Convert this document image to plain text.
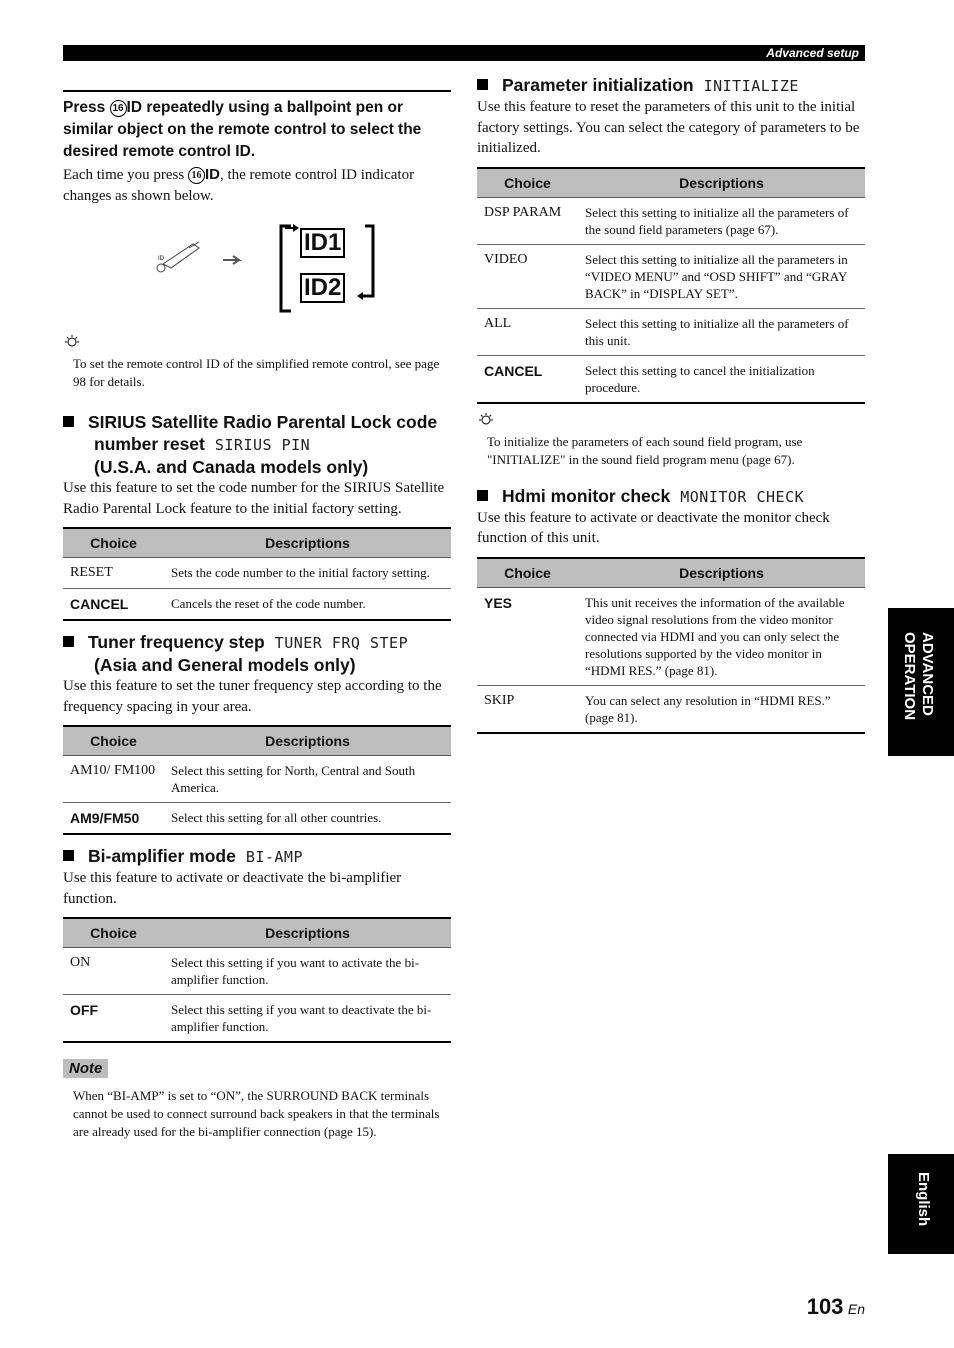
Advanced setup
Press 16 ID repeatedly using a ballpoint pen or similar object on the remote control to select the desired remote control ID.
Each time you press 16 ID, the remote control ID indicator changes as shown below.
ID
ID1
ID2
To set the remote control ID of the simplified remote control, see page 98 for details.
SIRIUS Satellite Radio Parental Lock code number reset SIRIUS PIN
(U.S.A. and Canada models only)
Use this feature to set the code number for the SIRIUS Satellite Radio Parental Lock feature to the initial factory setting.
Choice	Descriptions
RESET	Sets the code number to the initial factory setting.
CANCEL	Cancels the reset of the code number.
Tuner frequency step TUNER FRQ STEP
(Asia and General models only)
Use this feature to set the tuner frequency step according to the frequency spacing in your area.
Choice	Descriptions
AM10/ FM100	Select this setting for North, Central and South America.
AM9/FM50	Select this setting for all other countries.
Bi-amplifier mode BI-AMP
Use this feature to activate or deactivate the bi-amplifier function.
Choice	Descriptions
ON	Select this setting if you want to activate the bi-amplifier function.
OFF	Select this setting if you want to deactivate the bi-amplifier function.
Note
When “BI-AMP” is set to “ON”, the SURROUND BACK terminals cannot be used to connect surround back speakers in that the terminals are already used for the bi-amplifier connection (page 15).
Parameter initialization INITIALIZE
Use this feature to reset the parameters of this unit to the initial factory settings. You can select the category of parameters to be initialized.
Choice	Descriptions
DSP PARAM	Select this setting to initialize all the parameters of the sound field parameters (page 67).
VIDEO	Select this setting to initialize all the parameters in “VIDEO MENU” and “OSD SHIFT” and “GRAY BACK” in “DISPLAY SET”.
ALL	Select this setting to initialize all the parameters of this unit.
CANCEL	Select this setting to cancel the initialization procedure.
To initialize the parameters of each sound field program, use "INITIALIZE" in the sound field program menu (page 67).
Hdmi monitor check MONITOR CHECK
Use this feature to activate or deactivate the monitor check function of this unit.
Choice	Descriptions
YES	This unit receives the information of the available video signal resolutions from the video monitor connected via HDMI and you can only select the resolutions supported by the video monitor in “HDMI RES.” (page 81).
SKIP	You can select any resolution in “HDMI RES.” (page 81).
ADVANCED
OPERATION
English
103 En
